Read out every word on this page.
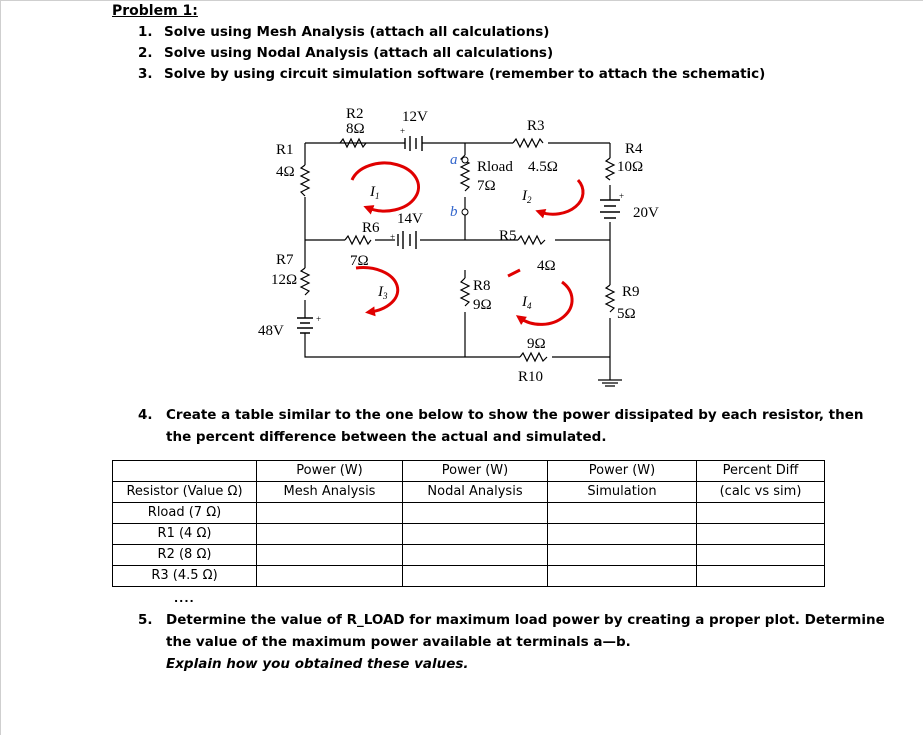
Problem 1:
1. Solve using Mesh Analysis (attach all calculations)
2. Solve using Nodal Analysis (attach all calculations)
3. Solve by using circuit simulation software (remember to attach the schematic)
R2
8Ω
12V
+	R3
R1
4Ω
R4
10Ω
a
b
Rload 4.5Ω
7Ω
$I_1$	$I_2$
14V
+
R6
7Ω
R5
4Ω
20V
+
R7
12Ω
$I_3$
R8
9Ω $I_4$
R9
5Ω
48V
+
9Ω
R10
4. Create a table similar to the one below to show the power dissipated by each resistor, then
the percent difference between the actual and simulated.
	Power (W)	Power (W)	Power (W)	Percent Diff
Resistor (Value Ω)	Mesh Analysis	Nodal Analysis	Simulation	(calc vs sim)
Rload (7 Ω)				
R1 (4 Ω)				
R2 (8 Ω)				
R3 (4.5 Ω)				
....
5. Determine the value of R_LOAD for maximum load power by creating a proper plot. Determine
the value of the maximum power available at terminals a—b.
Explain how you obtained these values.
